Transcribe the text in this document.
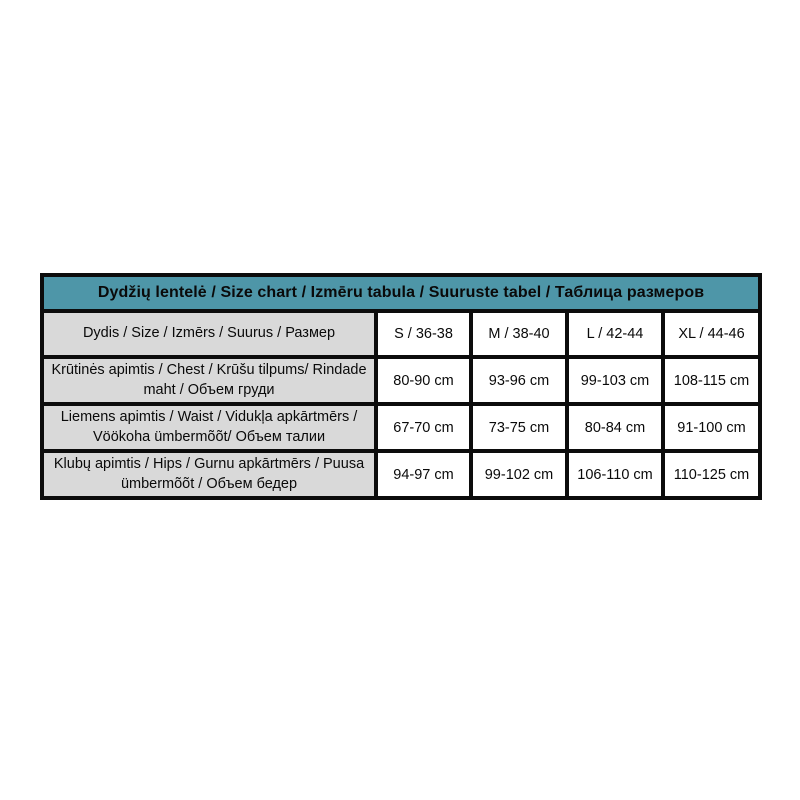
Dydžių lentelė / Size chart / Izmēru tabula / Suuruste tabel / Таблица размеров				
Dydis / Size / Izmērs / Suurus / Размер	S / 36-38	M / 38-40	L / 42-44	XL / 44-46
Krūtinės apimtis / Chest / Krūšu tilpums/ Rindade maht / Объем груди	80-90 cm	93-96 cm	99-103 cm	108-115 cm
Liemens apimtis / Waist / Vidukļa apkārtmērs / Vöökoha ümbermõõt/ Объем талии	67-70 cm	73-75 cm	80-84 cm	91-100 cm
Klubų apimtis / Hips / Gurnu apkārtmērs / Puusa ümbermõõt / Объем бедер	94-97 cm	99-102 cm	106-110 cm	110-125 cm
